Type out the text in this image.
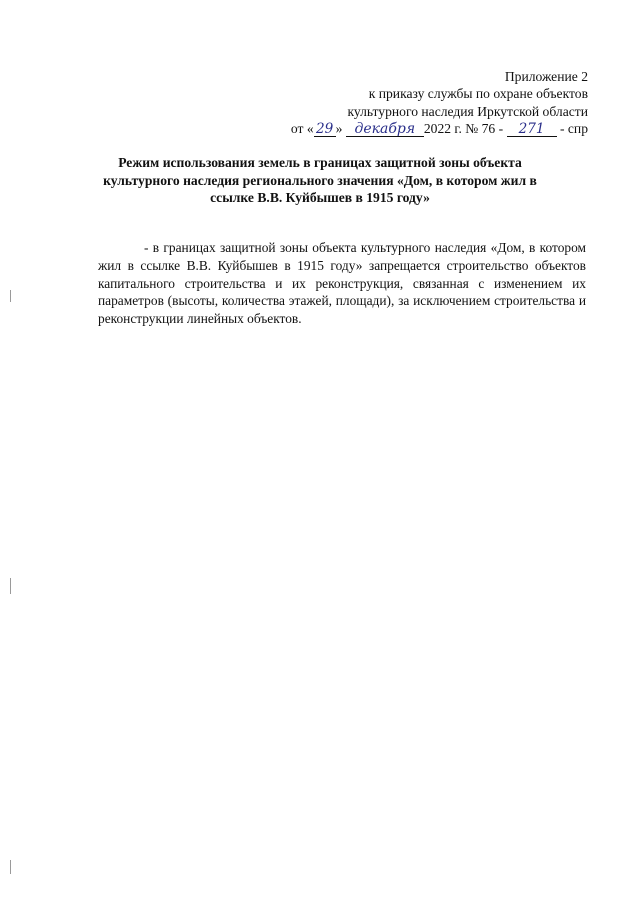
Приложение 2
к приказу службы по охране объектов
культурного наследия Иркутской области
от « 29 » декабря 2022 г. № 76 - 271 - спр
Режим использования земель в границах защитной зоны объекта
культурного наследия регионального значения «Дом, в котором жил в
ссылке В.В. Куйбышев в 1915 году»

- в границах защитной зоны объекта культурного наследия «Дом, в котором жил в ссылке В.В. Куйбышев в 1915 году» запрещается строительство объектов капитального строительства и их реконструкция, связанная с изменением их параметров (высоты, количества этажей, площади), за исключением строительства и реконструкции линейных объектов.
